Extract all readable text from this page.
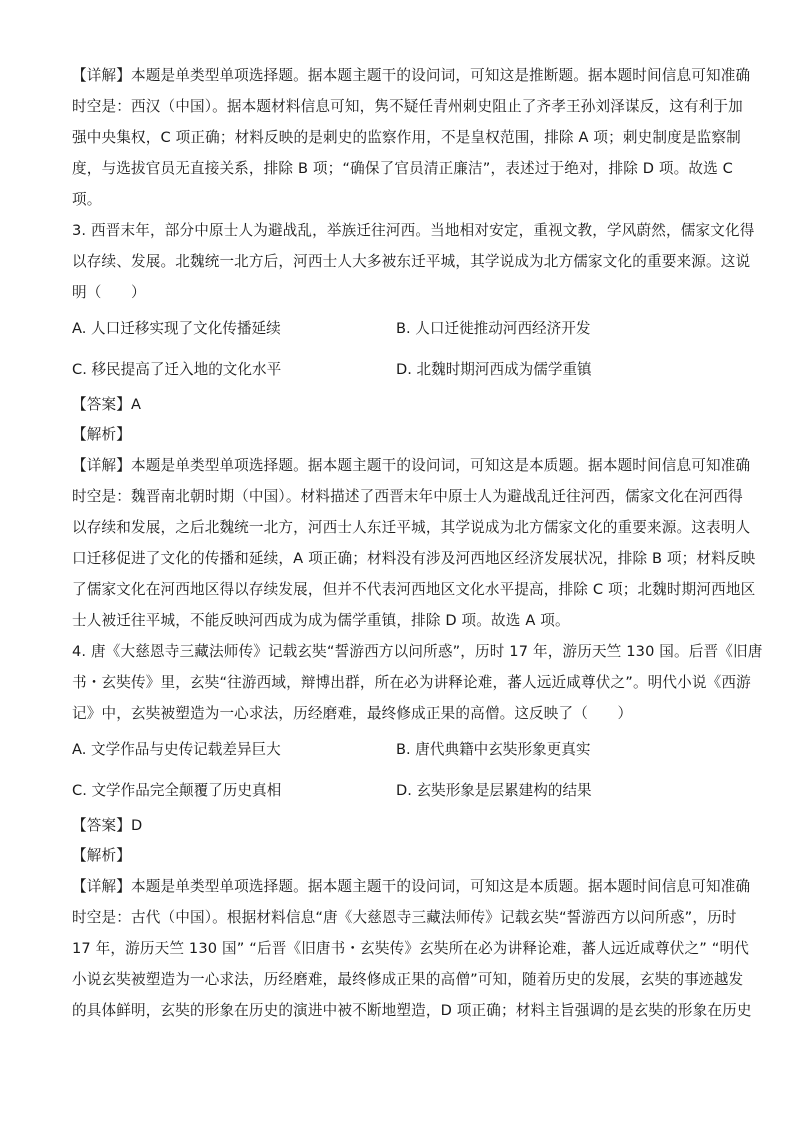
【详解】本题是单类型单项选择题。据本题主题干的设问词，可知这是推断题。据本题时间信息可知准确
时空是：西汉（中国）。据本题材料信息可知，隽不疑任青州刺史阻止了齐孝王孙刘泽谋反，这有利于加
强中央集权，C 项正确；材料反映的是刺史的监察作用，不是皇权范围，排除 A 项；刺史制度是监察制
度，与选拔官员无直接关系，排除 B 项；“确保了官员清正廉洁”，表述过于绝对，排除 D 项。故选 C
项。
3. 西晋末年，部分中原士人为避战乱，举族迁往河西。当地相对安定，重视文教，学风蔚然，儒家文化得
以存续、发展。北魏统一北方后，河西士人大多被东迁平城，其学说成为北方儒家文化的重要来源。这说
明（　　）
A. 人口迁移实现了文化传播延续	B. 人口迁徙推动河西经济开发
C. 移民提高了迁入地的文化水平	D. 北魏时期河西成为儒学重镇
【答案】A
【解析】
【详解】本题是单类型单项选择题。据本题主题干的设问词，可知这是本质题。据本题时间信息可知准确
时空是：魏晋南北朝时期（中国）。材料描述了西晋末年中原士人为避战乱迁往河西，儒家文化在河西得
以存续和发展，之后北魏统一北方，河西士人东迁平城，其学说成为北方儒家文化的重要来源。这表明人
口迁移促进了文化的传播和延续，A 项正确；材料没有涉及河西地区经济发展状况，排除 B 项；材料反映
了儒家文化在河西地区得以存续发展，但并不代表河西地区文化水平提高，排除 C 项；北魏时期河西地区
士人被迁往平城，不能反映河西成为成为儒学重镇，排除 D 项。故选 A 项。
4. 唐《大慈恩寺三藏法师传》记载玄奘“誓游西方以问所惑”，历时 17 年，游历天竺 130 国。后晋《旧唐
书・玄奘传》里，玄奘“往游西域，辩博出群，所在必为讲释论难，蕃人远近咸尊伏之”。明代小说《西游
记》中，玄奘被塑造为一心求法，历经磨难，最终修成正果的高僧。这反映了（　　）
A. 文学作品与史传记载差异巨大	B. 唐代典籍中玄奘形象更真实
C. 文学作品完全颠覆了历史真相	D. 玄奘形象是层累建构的结果
【答案】D
【解析】
【详解】本题是单类型单项选择题。据本题主题干的设问词，可知这是本质题。据本题时间信息可知准确
时空是：古代（中国）。根据材料信息“唐《大慈恩寺三藏法师传》记载玄奘“誓游西方以问所惑”，历时
17 年，游历天竺 130 国” “后晋《旧唐书・玄奘传》玄奘所在必为讲释论难，蕃人远近咸尊伏之” “明代
小说玄奘被塑造为一心求法，历经磨难，最终修成正果的高僧”可知，随着历史的发展，玄奘的事迹越发
的具体鲜明，玄奘的形象在历史的演进中被不断地塑造，D 项正确；材料主旨强调的是玄奘的形象在历史
